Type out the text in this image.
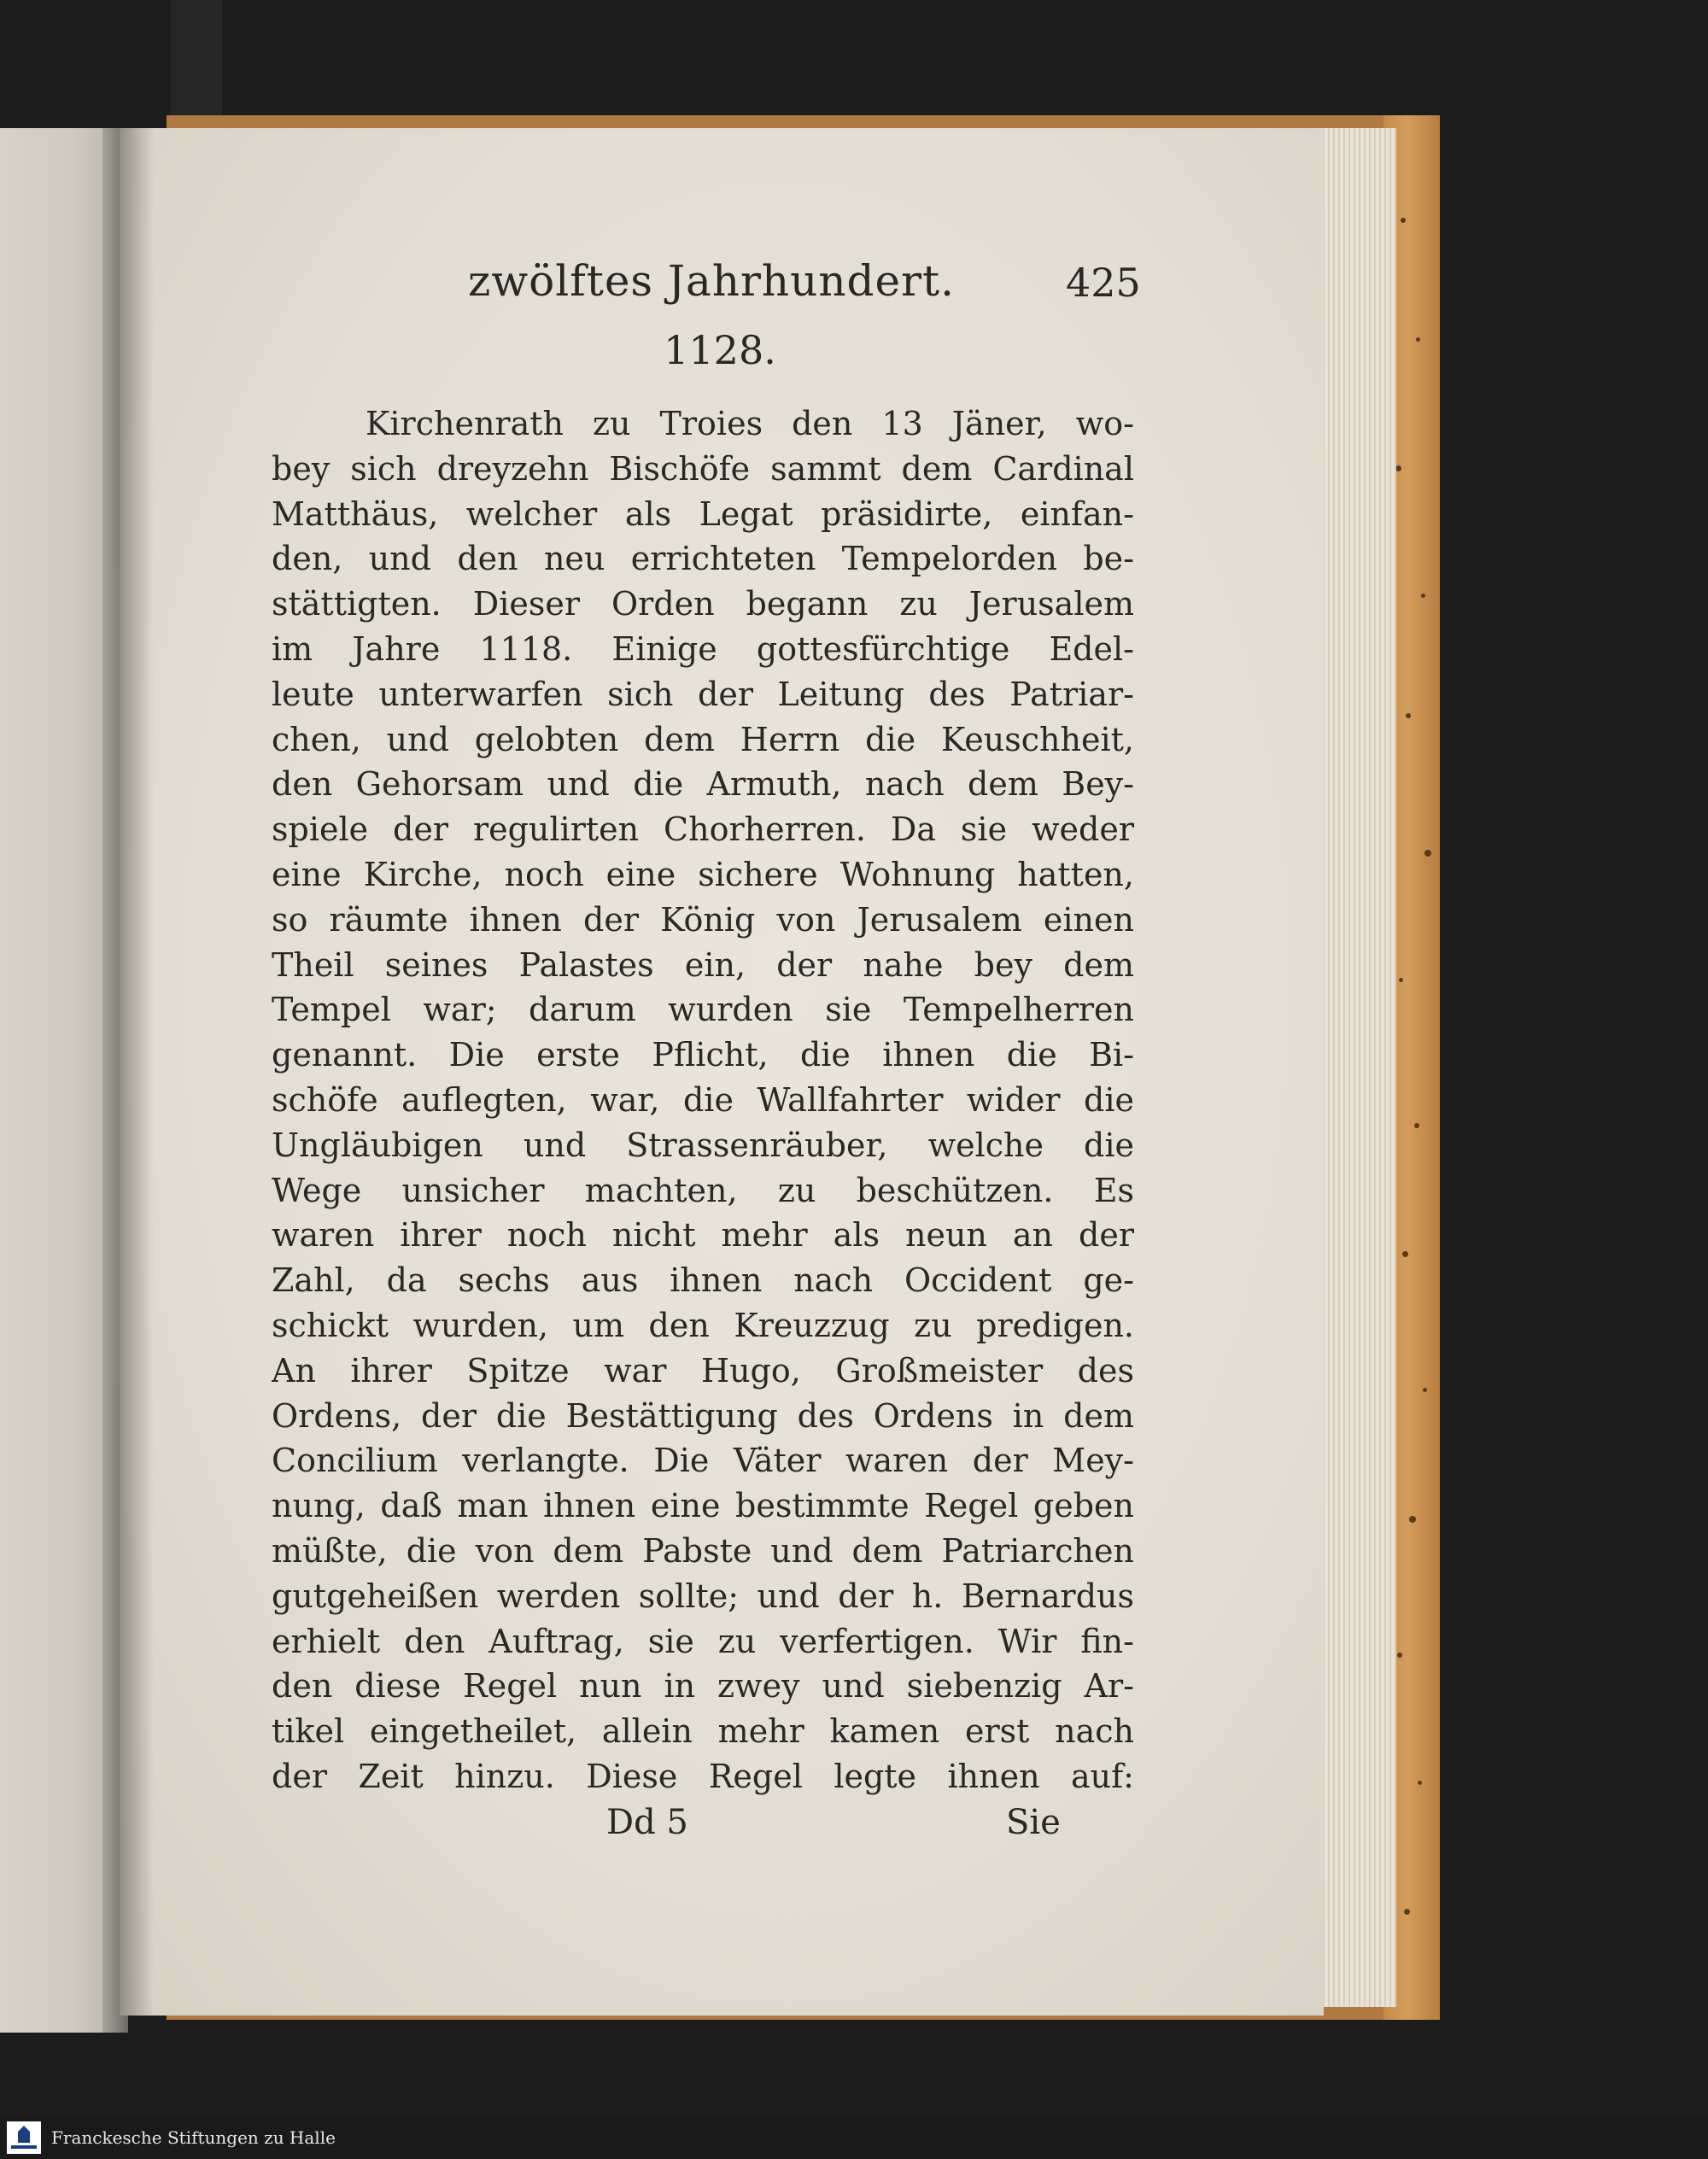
zwölftes Jahrhundert.	425
1128.
Kirchenrath zu Troies den 13 Jäner, wo-
bey sich dreyzehn Bischöfe sammt dem Cardinal
Matthäus, welcher als Legat präsidirte, einfan-
den, und den neu errichteten Tempelorden be-
stättigten. Dieser Orden begann zu Jerusalem
im Jahre 1118. Einige gottesfürchtige Edel-
leute unterwarfen sich der Leitung des Patriar-
chen, und gelobten dem Herrn die Keuschheit,
den Gehorsam und die Armuth, nach dem Bey-
spiele der regulirten Chorherren. Da sie weder
eine Kirche, noch eine sichere Wohnung hatten,
so räumte ihnen der König von Jerusalem einen
Theil seines Palastes ein, der nahe bey dem
Tempel war; darum wurden sie Tempelherren
genannt. Die erste Pflicht, die ihnen die Bi-
schöfe auflegten, war, die Wallfahrter wider die
Ungläubigen und Strassenräuber, welche die
Wege unsicher machten, zu beschützen. Es
waren ihrer noch nicht mehr als neun an der
Zahl, da sechs aus ihnen nach Occident ge-
schickt wurden, um den Kreuzzug zu predigen.
An ihrer Spitze war Hugo, Großmeister des
Ordens, der die Bestättigung des Ordens in dem
Concilium verlangte. Die Väter waren der Mey-
nung, daß man ihnen eine bestimmte Regel geben
müßte, die von dem Pabste und dem Patriarchen
gutgeheißen werden sollte; und der h. Bernardus
erhielt den Auftrag, sie zu verfertigen. Wir fin-
den diese Regel nun in zwey und siebenzig Ar-
tikel eingetheilet, allein mehr kamen erst nach
der Zeit hinzu. Diese Regel legte ihnen auf:
Dd 5	Sie
Franckesche Stiftungen zu Halle
